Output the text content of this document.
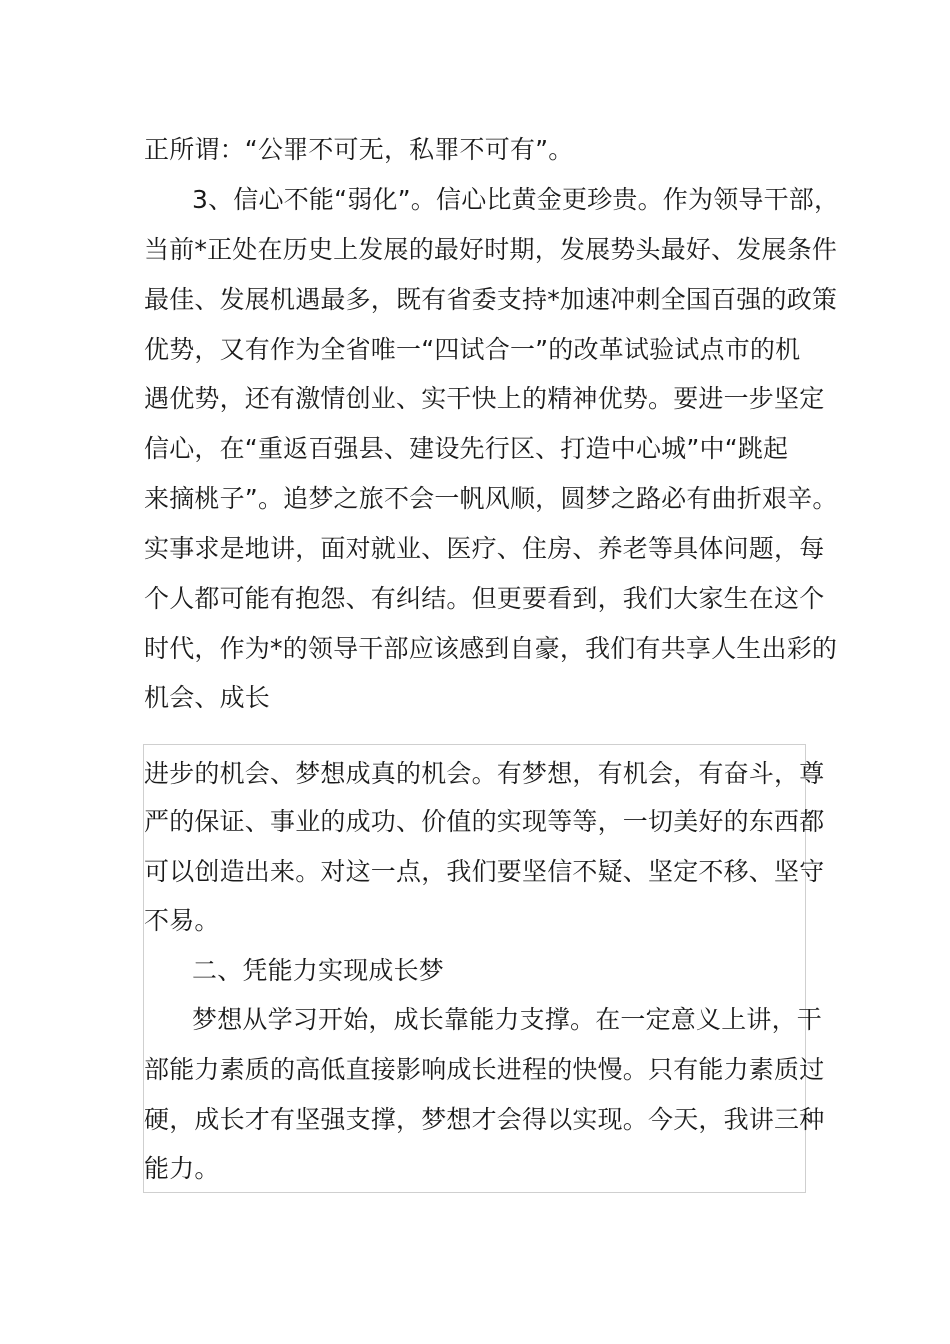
正所谓：“公罪不可无，私罪不可有”。
3、信心不能“弱化”。信心比黄金更珍贵。作为领导干部，
当前*正处在历史上发展的最好时期，发展势头最好、发展条件
最佳、发展机遇最多，既有省委支持*加速冲刺全国百强的政策
优势，又有作为全省唯一“四试合一”的改革试验试点市的机
遇优势，还有激情创业、实干快上的精神优势。要进一步坚定
信心，在“重返百强县、建设先行区、打造中心城”中“跳起
来摘桃子”。追梦之旅不会一帆风顺，圆梦之路必有曲折艰辛。
实事求是地讲，面对就业、医疗、住房、养老等具体问题，每
个人都可能有抱怨、有纠结。但更要看到，我们大家生在这个
时代，作为*的领导干部应该感到自豪，我们有共享人生出彩的
机会、成长
进步的机会、梦想成真的机会。有梦想，有机会，有奋斗，尊
严的保证、事业的成功、价值的实现等等，一切美好的东西都
可以创造出来。对这一点，我们要坚信不疑、坚定不移、坚守
不易。
二、凭能力实现成长梦
梦想从学习开始，成长靠能力支撑。在一定意义上讲，干
部能力素质的高低直接影响成长进程的快慢。只有能力素质过
硬，成长才有坚强支撑，梦想才会得以实现。今天，我讲三种
能力。
